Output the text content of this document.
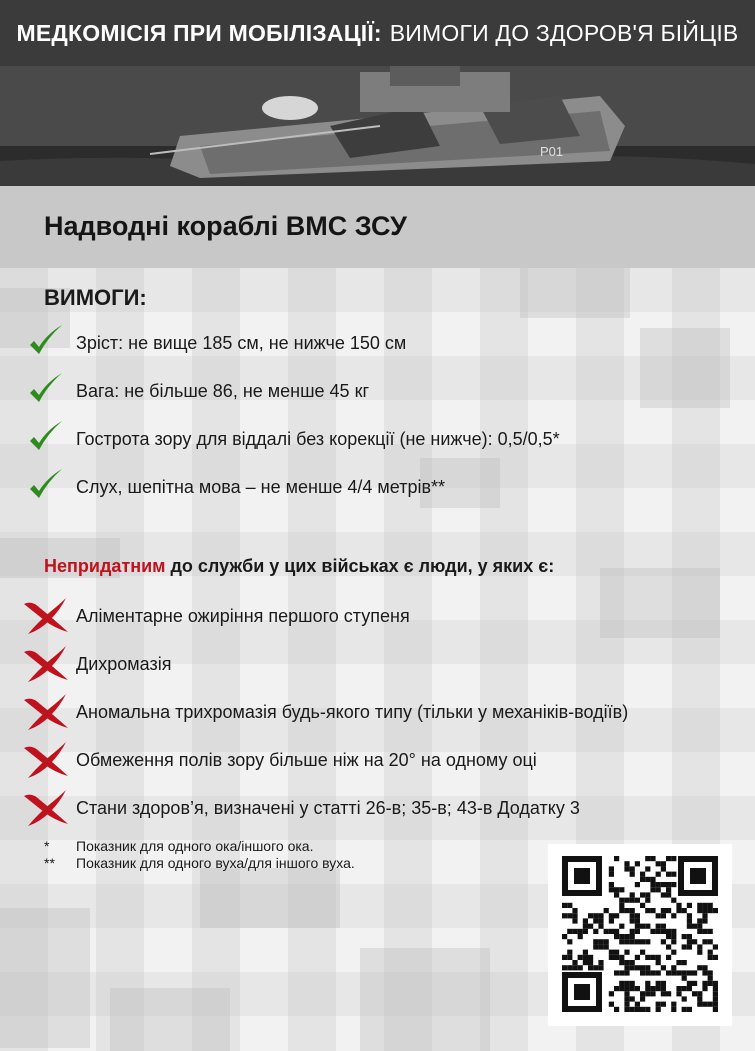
МЕДКОМІСІЯ ПРИ МОБІЛІЗАЦІЇ: ВИМОГИ ДО ЗДОРОВ'Я БІЙЦІВ
P01
Надводні кораблі ВМС ЗСУ
ВИМОГИ:
Зріст: не вище 185 см, не нижче 150 см
Вага: не більше 86, не менше 45 кг
Гострота зору для віддалі без корекції (не нижче): 0,5/0,5*
Слух, шепітна мова – не менше 4/4 метрів**
Непридатним до служби у цих військах є люди, у яких є:
Аліментарне ожиріння першого ступеня
Дихромазія
Аномальна трихромазія будь-якого типу (тільки у механіків-водіїв)
Обмеження полів зору більше ніж на 20° на одному оці
Стани здоров’я, визначені у статті 26-в; 35-в; 43-в Додатку 3
*	Показник для одного ока/іншого ока.
**	Показник для одного вуха/для іншого вуха.
